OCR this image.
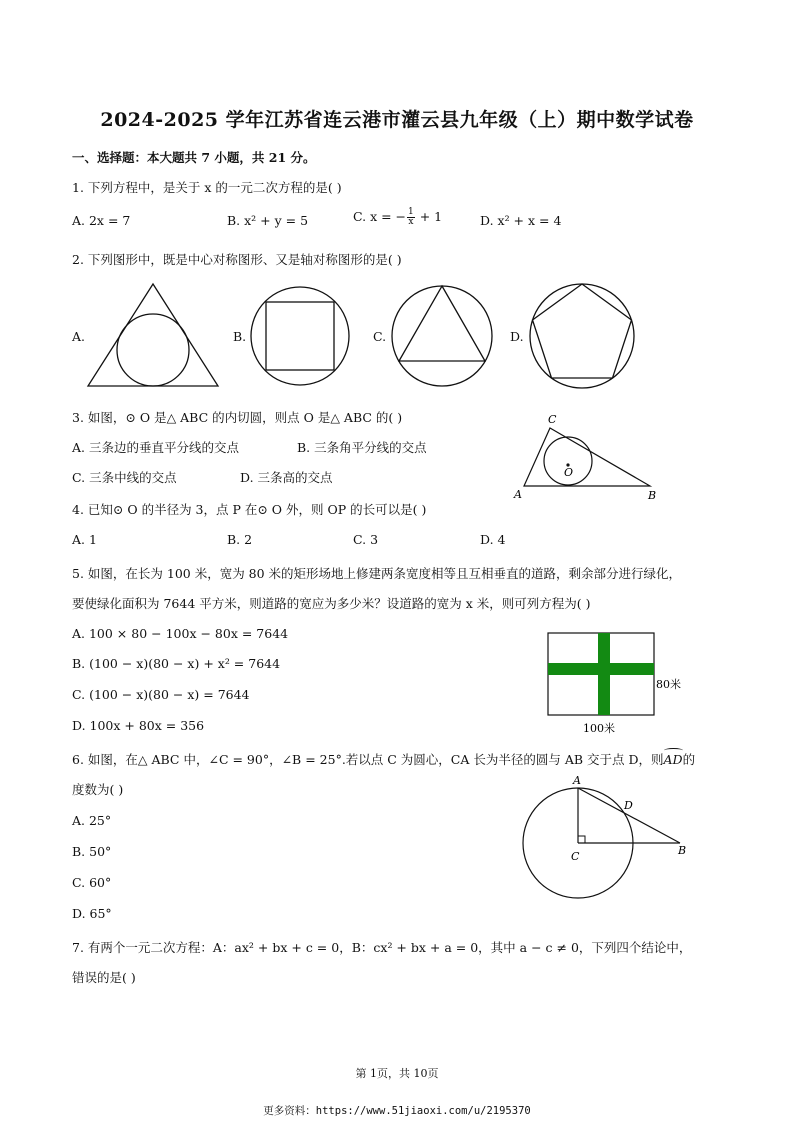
2024-2025 学年江苏省连云港市灌云县九年级（上）期中数学试卷
一、选择题：本大题共 7 小题，共 21 分。
1. 下列方程中，是关于 x 的一元二次方程的是( )
A. 2x = 7	B. x² + y = 5	C. x = − $\frac{1}{x} + 1$	D. x² + x = 4
2. 下列图形中，既是中心对称图形、又是轴对称图形的是( )
A.	B.	C.	D.
3. 如图，⊙ O 是△ ABC 的内切圆，则点 O 是△ ABC 的( )
A. 三条边的垂直平分线的交点	B. 三条角平分线的交点
C. 三条中线的交点	D. 三条高的交点
C
O
A	B
4. 已知⊙ O 的半径为 3，点 P 在⊙ O 外，则 OP 的长可以是( )
A. 1	B. 2	C. 3	D. 4
5. 如图，在长为 100 米，宽为 80 米的矩形场地上修建两条宽度相等且互相垂直的道路，剩余部分进行绿化，
要使绿化面积为 7644 平方米，则道路的宽应为多少米？设道路的宽为 x 米，则可列方程为( )
A. 100 × 80 − 100x − 80x = 7644
B. (100 − x)(80 − x) + x² = 7644
C. (100 − x)(80 − x) = 7644
D. 100x + 80x = 356
80米
100米
6. 如图，在△ ABC 中，∠C = 90°，∠B = 25°.若以点 C 为圆心，CA 长为半径的圆与 AB 交于点 D，则
AD的
度数为( )
A. 25°
B. 50°
C. 60°
D. 65°
A
D
C	B
7. 有两个一元二次方程：A：ax² + bx + c = 0，B：cx² + bx + a = 0，其中 a − c ≠ 0，下列四个结论中，
错误的是( )
第 1页，共 10页
更多资料：https://www.51jiaoxi.com/u/2195370
